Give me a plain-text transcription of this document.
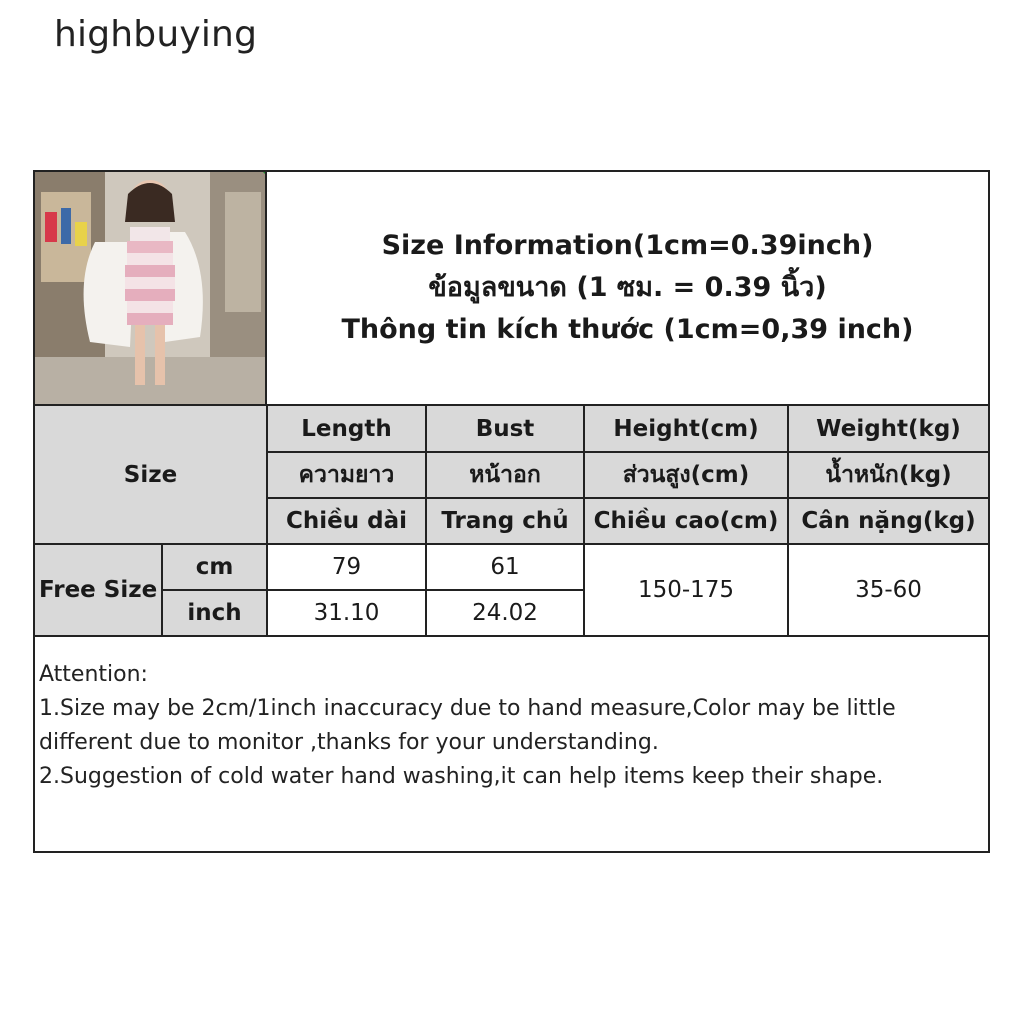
highbuying
Size Information(1cm=0.39inch)
ข้อมูลขนาด (1 ซม. = 0.39 นิ้ว)
Thông tin kích thước (1cm=0,39 inch)
Size		Length	Bust	Height(cm)	Weight(kg)
		ความยาว	หน้าอก	ส่วนสูง(cm)	น้ำหนัก(kg)
		Chiều dài	Trang chủ	Chiều cao(cm)	Cân nặng(kg)
Free Size	cm	79	61	150-175	35-60
	inch	31.10	24.02		
Attention:
1.Size may be 2cm/1inch inaccuracy due to hand measure,Color may be little
different due to monitor ,thanks for your understanding.
2.Suggestion of cold water hand washing,it can help items keep their shape.
